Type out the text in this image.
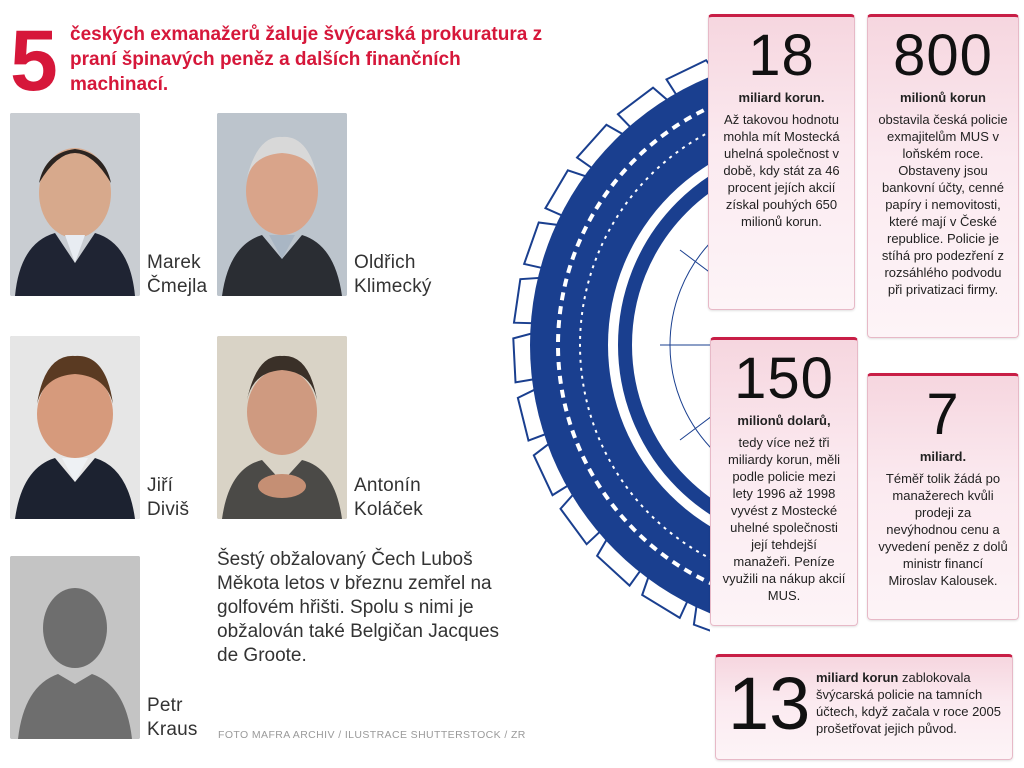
5 českých exmanažerů žaluje švýcarská prokuratura z praní špinavých peněz a dalších finančních machinací.
Marek
Čmejla
Oldřich
Klimecký
Jiří
Diviš
Antonín
Koláček
Petr
Kraus
Šestý obžalovaný Čech Luboš Měkota letos v březnu zemřel na golfovém hřišti. Spolu s nimi je obžalován také Belgičan Jacques de Groote.
FOTO MAFRA ARCHIV / ILUSTRACE SHUTTERSTOCK / ZR
18
miliard korun.
Až takovou hodnotu mohla mít Mostecká uhelná společnost v době, kdy stát za 46 procent jejích akcií získal pouhých 650 milionů korun.
800
milionů korun
obstavila česká policie exmajitelům MUS v loňském roce. Obstaveny jsou bankovní účty, cenné papíry i nemovitosti, které mají v České republice. Policie je stíhá pro podezření z rozsáhlého podvodu při privatizaci firmy.
150
milionů dolarů,
tedy více než tři miliardy korun, měli podle policie mezi lety 1996 až 1998 vyvést z Mostecké uhelné společnosti její tehdejší manažeři. Peníze využili na nákup akcií MUS.
7
miliard.
Téměř tolik žádá po manažerech kvůli prodeji za nevýhodnou cenu a vyvedení peněz z dolů ministr financí Miroslav Kalousek.
13 miliard korun zablokovala švýcarská policie na tamních účtech, když začala v roce 2005 prošetřovat jejich původ.
